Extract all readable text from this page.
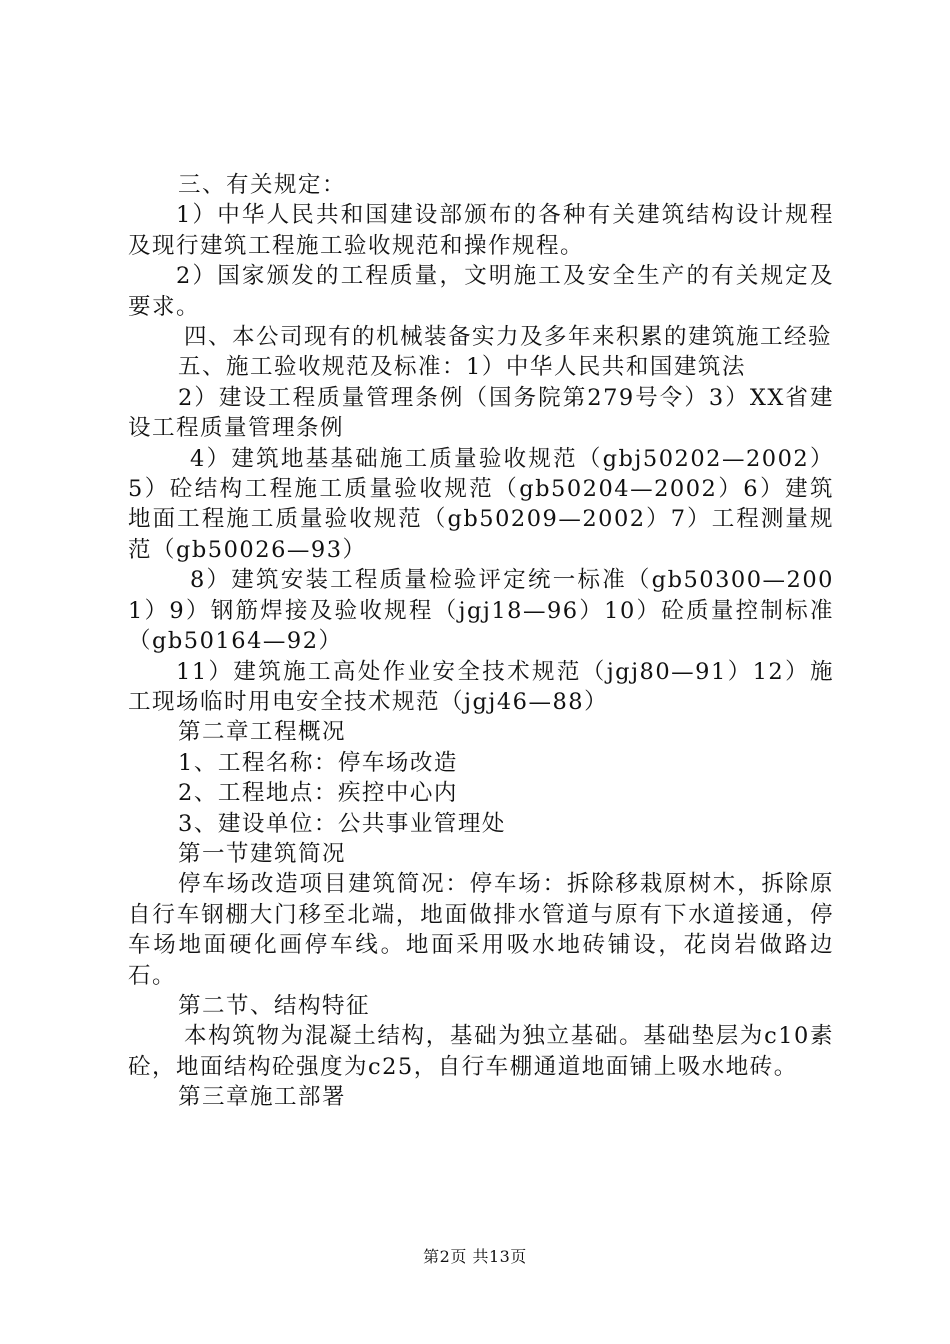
三、有关规定：

1）中华人民共和国建设部颁布的各种有关建筑结构设计规程及现行建筑工程施工验收规范和操作规程。

2）国家颁发的工程质量，文明施工及安全生产的有关规定及要求。

四、本公司现有的机械装备实力及多年来积累的建筑施工经验

五、施工验收规范及标准：1）中华人民共和国建筑法

2）建设工程质量管理条例（国务院第279号令）3）XX省建设工程质量管理条例

4）建筑地基基础施工质量验收规范（gbj50202—2002）5）砼结构工程施工质量验收规范（gb50204—2002）6）建筑地面工程施工质量验收规范（gb50209—2002）7）工程测量规范（gb50026—93）

8）建筑安装工程质量检验评定统一标准（gb50300—2001）9）钢筋焊接及验收规程（jgj18—96）10）砼质量控制标准（gb50164—92）

11）建筑施工高处作业安全技术规范（jgj80—91）12）施工现场临时用电安全技术规范（jgj46—88）

第二章工程概况

1、工程名称：停车场改造

2、工程地点：疾控中心内

3、建设单位：公共事业管理处

第一节建筑简况

停车场改造项目建筑简况：停车场：拆除移栽原树木，拆除原自行车钢棚大门移至北端，地面做排水管道与原有下水道接通，停车场地面硬化画停车线。地面采用吸水地砖铺设，花岗岩做路边石。

第二节、结构特征

本构筑物为混凝土结构，基础为独立基础。基础垫层为c10素砼，地面结构砼强度为c25，自行车棚通道地面铺上吸水地砖。

第三章施工部署

第2页 共13页
